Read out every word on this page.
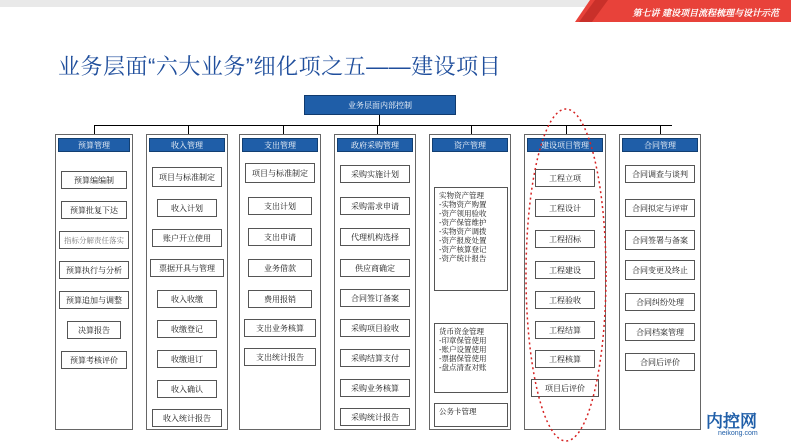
第七讲 建设项目流程梳理与设计示范
业务层面“六大业务”细化项之五——建设项目
业务层面内部控制
预算管理
预算编编制
预算批复下达
指标分解责任落实
预算执行与分析
预算追加与调整
决算报告
预算考核评价
收入管理
项目与标准制定
收入计划
账户开立使用
票据开具与管理
收入收缴
收缴登记
收缴退订
收入确认
收入统计报告
支出管理
项目与标准制定
支出计划
支出申请
业务借款
费用报销
支出业务核算
支出统计报告
政府采购管理
采购实施计划
采购需求申请
代理机构选择
供应商确定
合同签订备案
采购项目验收
采购结算支付
采购业务核算
采购统计报告
资产管理
实物资产管理
-实物资产购置
-资产领用验收
-资产保管维护
-实物资产调拨
-资产报废处置
-资产核算登记
-资产统计报告
货币资金管理
-印章保管使用
-账户设置使用
-票据保管使用
-盘点清查对账
公务卡管理
建设项目管理
工程立项
工程设计
工程招标
工程建设
工程验收
工程结算
工程核算
项目后评价
合同管理
合同调查与谈判
合同拟定与评审
合同签署与备案
合同变更及终止
合同纠纷处理
合同档案管理
合同后评价
内控网
neikong.com
